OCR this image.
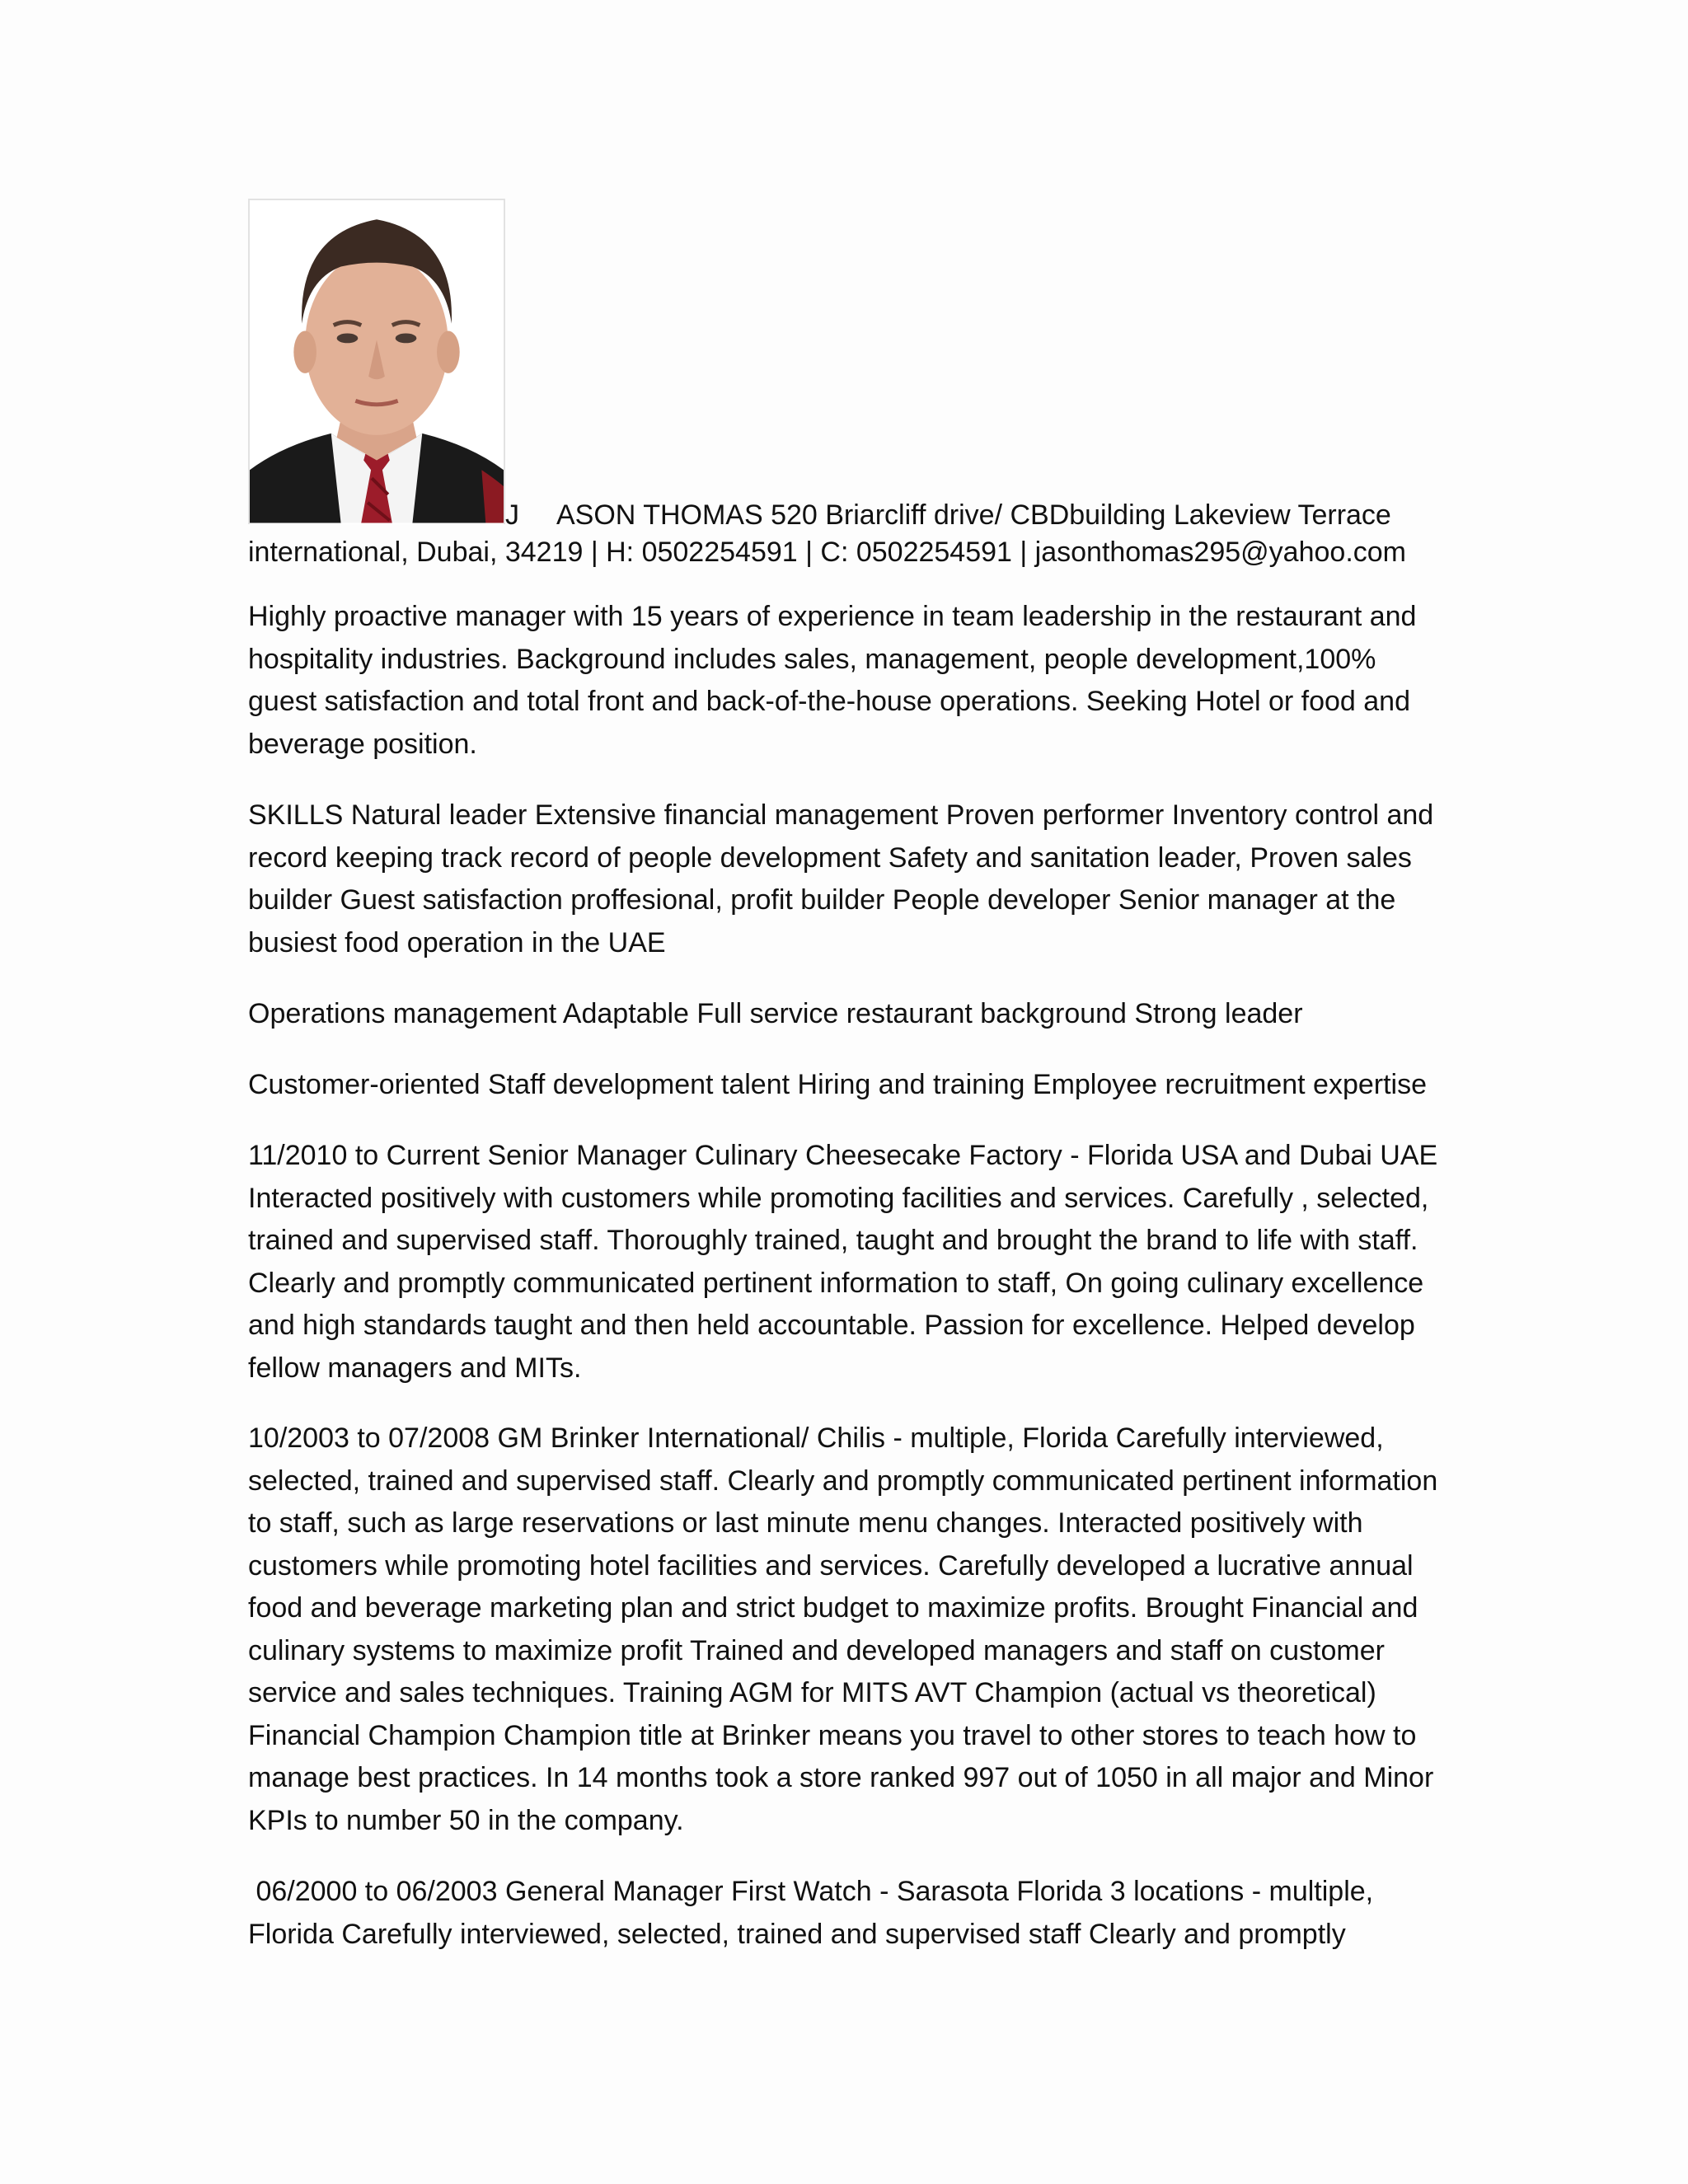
J ASON THOMAS 520 Briarcliff drive/ CBDbuilding Lakeview Terrace
international, Dubai, 34219 | H: 0502254591 | C: 0502254591 | jasonthomas295@yahoo.com

Highly proactive manager with 15 years of experience in team leadership in the restaurant and hospitality industries. Background includes sales, management, people development,100% guest satisfaction and total front and back-of-the-house operations. Seeking Hotel or food and beverage position.

SKILLS Natural leader Extensive financial management Proven performer Inventory control and record keeping track record of people development Safety and sanitation leader, Proven sales builder Guest satisfaction proffesional, profit builder People developer Senior manager at the busiest food operation in the UAE

Operations management Adaptable Full service restaurant background Strong leader

Customer-oriented Staff development talent Hiring and training Employee recruitment expertise

11/2010 to Current Senior Manager Culinary Cheesecake Factory - Florida USA and Dubai UAE Interacted positively with customers while promoting facilities and services. Carefully , selected, trained and supervised staff. Thoroughly trained, taught and brought the brand to life with staff. Clearly and promptly communicated pertinent information to staff, On going culinary excellence and high standards taught and then held accountable. Passion for excellence. Helped develop fellow managers and MITs.

10/2003 to 07/2008 GM Brinker International/ Chilis - multiple, Florida Carefully interviewed, selected, trained and supervised staff. Clearly and promptly communicated pertinent information to staff, such as large reservations or last minute menu changes. Interacted positively with customers while promoting hotel facilities and services. Carefully developed a lucrative annual food and beverage marketing plan and strict budget to maximize profits. Brought Financial and culinary systems to maximize profit Trained and developed managers and staff on customer service and sales techniques. Training AGM for MITS AVT Champion (actual vs theoretical) Financial Champion Champion title at Brinker means you travel to other stores to teach how to manage best practices. In 14 months took a store ranked 997 out of 1050 in all major and Minor KPIs to number 50 in the company.

06/2000 to 06/2003 General Manager First Watch - Sarasota Florida 3 locations - multiple, Florida Carefully interviewed, selected, trained and supervised staff Clearly and promptly
